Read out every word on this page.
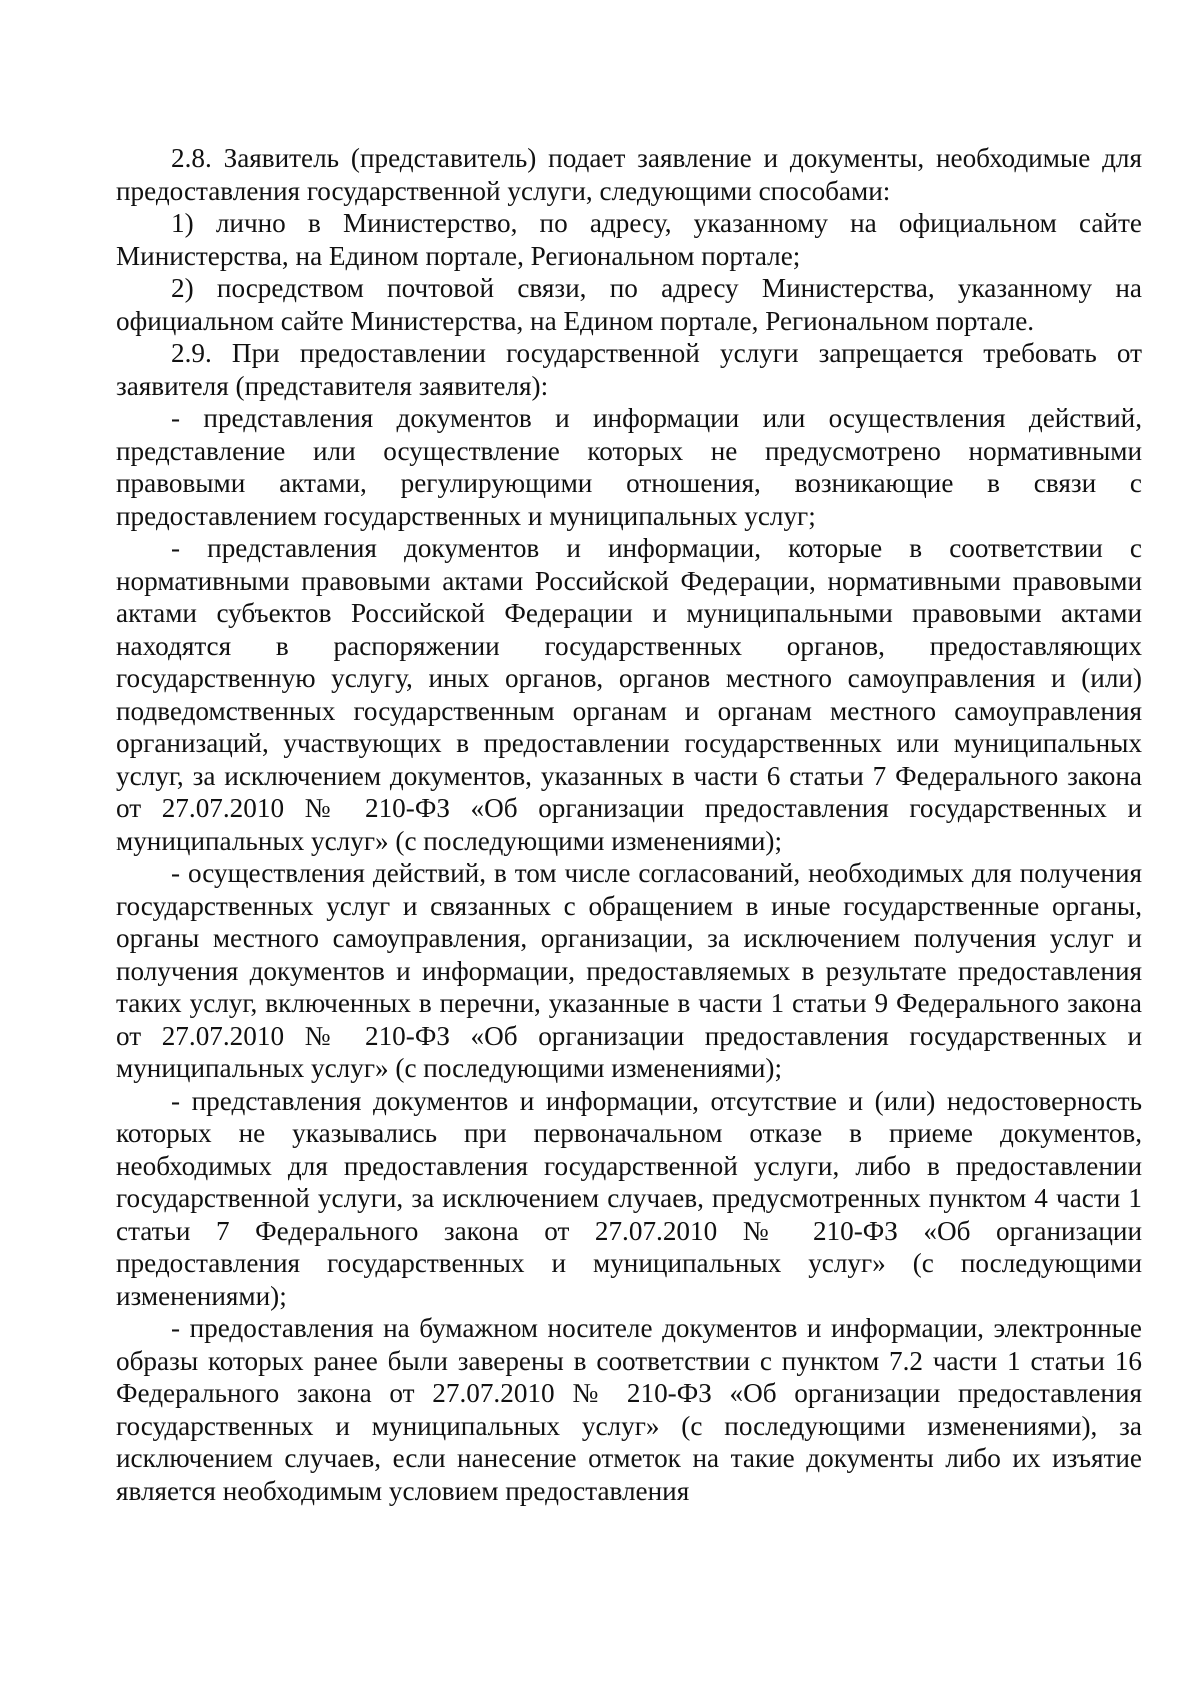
2.8. Заявитель (представитель) подает заявление и документы, необходимые для предоставления государственной услуги, следующими способами:

1) лично в Министерство, по адресу, указанному на официальном сайте Министерства, на Едином портале, Региональном портале;

2) посредством почтовой связи, по адресу Министерства, указанному на официальном сайте Министерства, на Едином портале, Региональном портале.

2.9. При предоставлении государственной услуги запрещается требовать от заявителя (представителя заявителя):

- представления документов и информации или осуществления действий, представление или осуществление которых не предусмотрено нормативными правовыми актами, регулирующими отношения, возникающие в связи с предоставлением государственных и муниципальных услуг;

- представления документов и информации, которые в соответствии с нормативными правовыми актами Российской Федерации, нормативными правовыми актами субъектов Российской Федерации и муниципальными правовыми актами находятся в распоряжении государственных органов, предоставляющих государственную услугу, иных органов, органов местного самоуправления и (или) подведомственных государственным органам и органам местного самоуправления организаций, участвующих в предоставлении государственных или муниципальных услуг, за исключением документов, указанных в части 6 статьи 7 Федерального закона от 27.07.2010 № 210-ФЗ «Об организации предоставления государственных и муниципальных услуг» (с последующими изменениями);

- осуществления действий, в том числе согласований, необходимых для получения государственных услуг и связанных с обращением в иные государственные органы, органы местного самоуправления, организации, за исключением получения услуг и получения документов и информации, предоставляемых в результате предоставления таких услуг, включенных в перечни, указанные в части 1 статьи 9 Федерального закона от 27.07.2010 № 210-ФЗ «Об организации предоставления государственных и муниципальных услуг» (с последующими изменениями);

- представления документов и информации, отсутствие и (или) недостоверность которых не указывались при первоначальном отказе в приеме документов, необходимых для предоставления государственной услуги, либо в предоставлении государственной услуги, за исключением случаев, предусмотренных пунктом 4 части 1 статьи 7 Федерального закона от 27.07.2010 № 210-ФЗ «Об организации предоставления государственных и муниципальных услуг» (с последующими изменениями);

- предоставления на бумажном носителе документов и информации, электронные образы которых ранее были заверены в соответствии с пунктом 7.2 части 1 статьи 16 Федерального закона от 27.07.2010 № 210-ФЗ «Об организации предоставления государственных и муниципальных услуг» (с последующими изменениями), за исключением случаев, если нанесение отметок на такие документы либо их изъятие является необходимым условием предоставления
